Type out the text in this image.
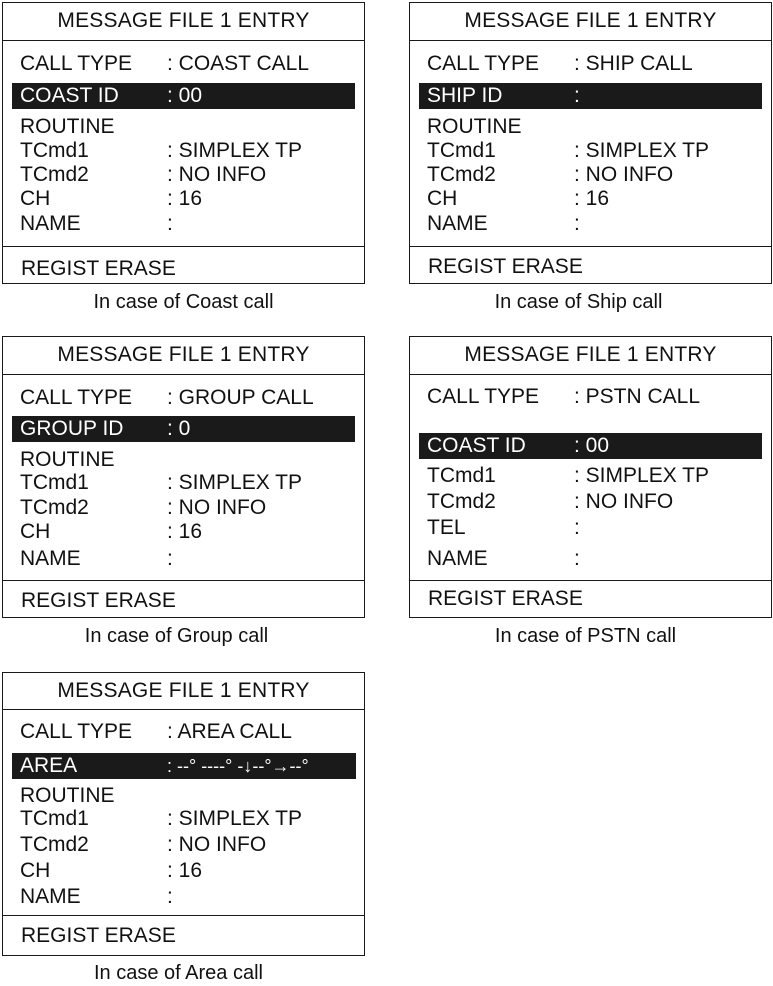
MESSAGE FILE 1 ENTRY
CALL TYPE : COAST CALL
COAST ID : 00
ROUTINE
TCmd1	: SIMPLEX TP
TCmd2	: NO INFO
CH	: 16
NAME	:
REGIST ERASE
In case of Coast call
MESSAGE FILE 1 ENTRY
CALL TYPE : SHIP CALL
SHIP ID	:
ROUTINE
TCmd1	: SIMPLEX TP
TCmd2	: NO INFO
CH	: 16
NAME	:
REGIST ERASE
In case of Ship call
MESSAGE FILE 1 ENTRY
CALL TYPE : GROUP CALL
GROUP ID : 0
ROUTINE
TCmd1	: SIMPLEX TP
TCmd2	: NO INFO
CH	: 16
NAME	:
REGIST ERASE
In case of Group call
MESSAGE FILE 1 ENTRY
CALL TYPE : PSTN CALL
COAST ID : 00
TCmd1	: SIMPLEX TP
TCmd2	: NO INFO
TEL	:
NAME	:
REGIST ERASE
In case of PSTN call
MESSAGE FILE 1 ENTRY
CALL TYPE : AREA CALL
AREA	: --° ----° -↓--°→--°
ROUTINE
TCmd1	: SIMPLEX TP
TCmd2	: NO INFO
CH	: 16
NAME	:
REGIST ERASE
In case of Area call
